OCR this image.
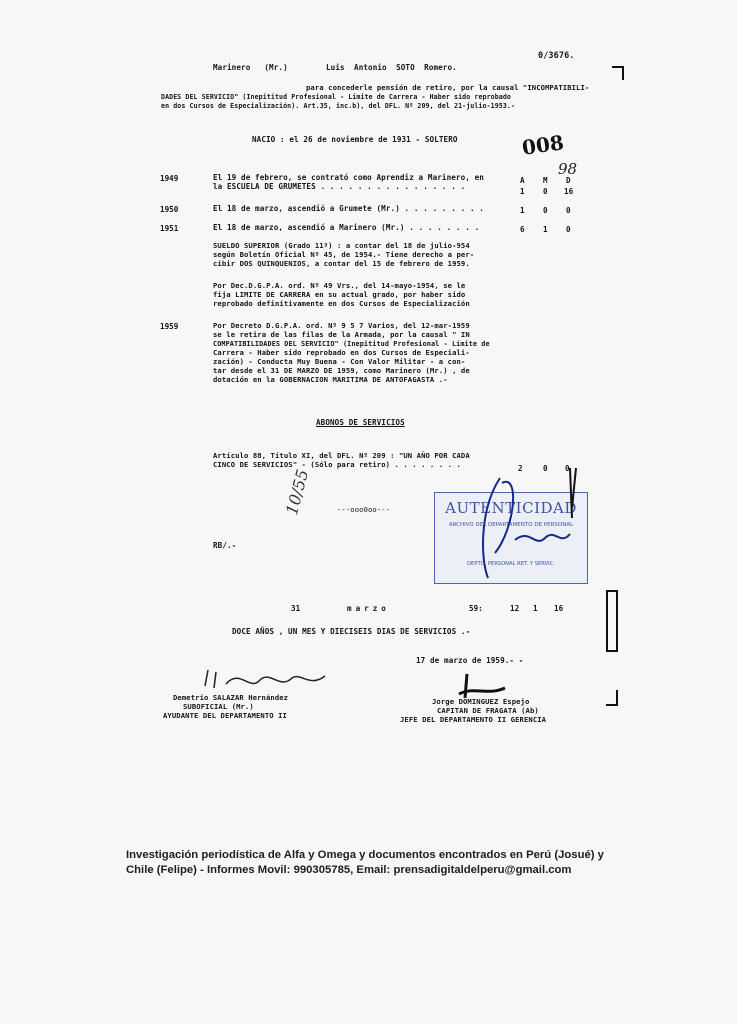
0/3676.
Marinero   (Mr.)	Luis  Antonio  SOTO  Romero.
para concederle pensión de retiro, por la causal "INCOMPATIBILI-
DADES DEL SERVICIO" (Inepititud Profesional - Límite de Carrera - Haber sido reprobado
en dos Cursos de Especialización). Art.35, inc.b), del DFL. Nº 209, del 21-julio-1953.-
NACIO : el 26 de noviembre de 1931 - SOLTERO	008
98
A M D
1949	El 19 de febrero, se contrató como Aprendiz a Marinero, en
la ESCUELA DE GRUMETES . . . . . . . . . . . . . . . .
1 0 16
1950	El 18 de marzo, ascendió a Grumete (Mr.) . . . . . . . . .	1 0 0
1951	El 18 de marzo, ascendió a Marinero (Mr.) . . . . . . . .	6 1 0
SUELDO SUPERIOR (Grado 11º) : a contar del 18 de julio-954
según Boletín Oficial Nº 45, de 1954.- Tiene derecho a per-
cibir DOS QUINQUENIOS, a contar del 15 de febrero de 1959.
Por Dec.D.G.P.A. ord. Nº 49 Vrs., del 14-mayo-1954, se le
fija LIMITE DE CARRERA en su actual grado, por haber sido
reprobado definitivamente en dos Cursos de Especialización
1959	Por Decreto D.G.P.A. ord. Nº 9 5 7 Varios, del 12-mar-1959
se le retira de las filas de la Armada, por la causal " IN
COMPATIBILIDADES DEL SERVICIO" (Inepititud Profesional - Límite de
Carrera - Haber sido reprobado en dos Cursos de Especiali-
zación) - Conducta Muy Buena - Con Valor Militar - a con-
tar desde el 31 DE MARZO DE 1959, como Marinero (Mr.) , de
dotación en la GOBERNACION MARITIMA DE ANTOFAGASTA .-
ABONOS DE SERVICIOS
Artículo 88, Título XI, del DFL. Nº 209 : "UN AÑO POR CADA
CINCO DE SERVICIOS" - (Sólo para retiro) . . . . . . . .	2	0 0
---ooo0oo---
RB/.-
10/55	AUTENTICIDAD
ARCHIVO DEL DEPARTAMENTO DE PERSONAL
DEPTO. PERSONAL RET. Y SERVIC.
31	marzo	59:	12 1 16
DOCE AÑOS , UN MES Y DIECISEIS DIAS DE SERVICIOS .-
17 de marzo de 1959.- -
Demetrio SALAZAR Hernández
SUBOFICIAL (Mr.)
AYUDANTE DEL DEPARTAMENTO II
Jorge DOMINGUEZ Espejo
CAPITAN DE FRAGATA (Ab)
JEFE DEL DEPARTAMENTO II GERENCIA
Investigación periodística de Alfa y Omega y documentos encontrados en Perú (Josué) y
Chile (Felipe) - Informes Movil: 990305785, Email: prensadigitaldelperu@gmail.com
